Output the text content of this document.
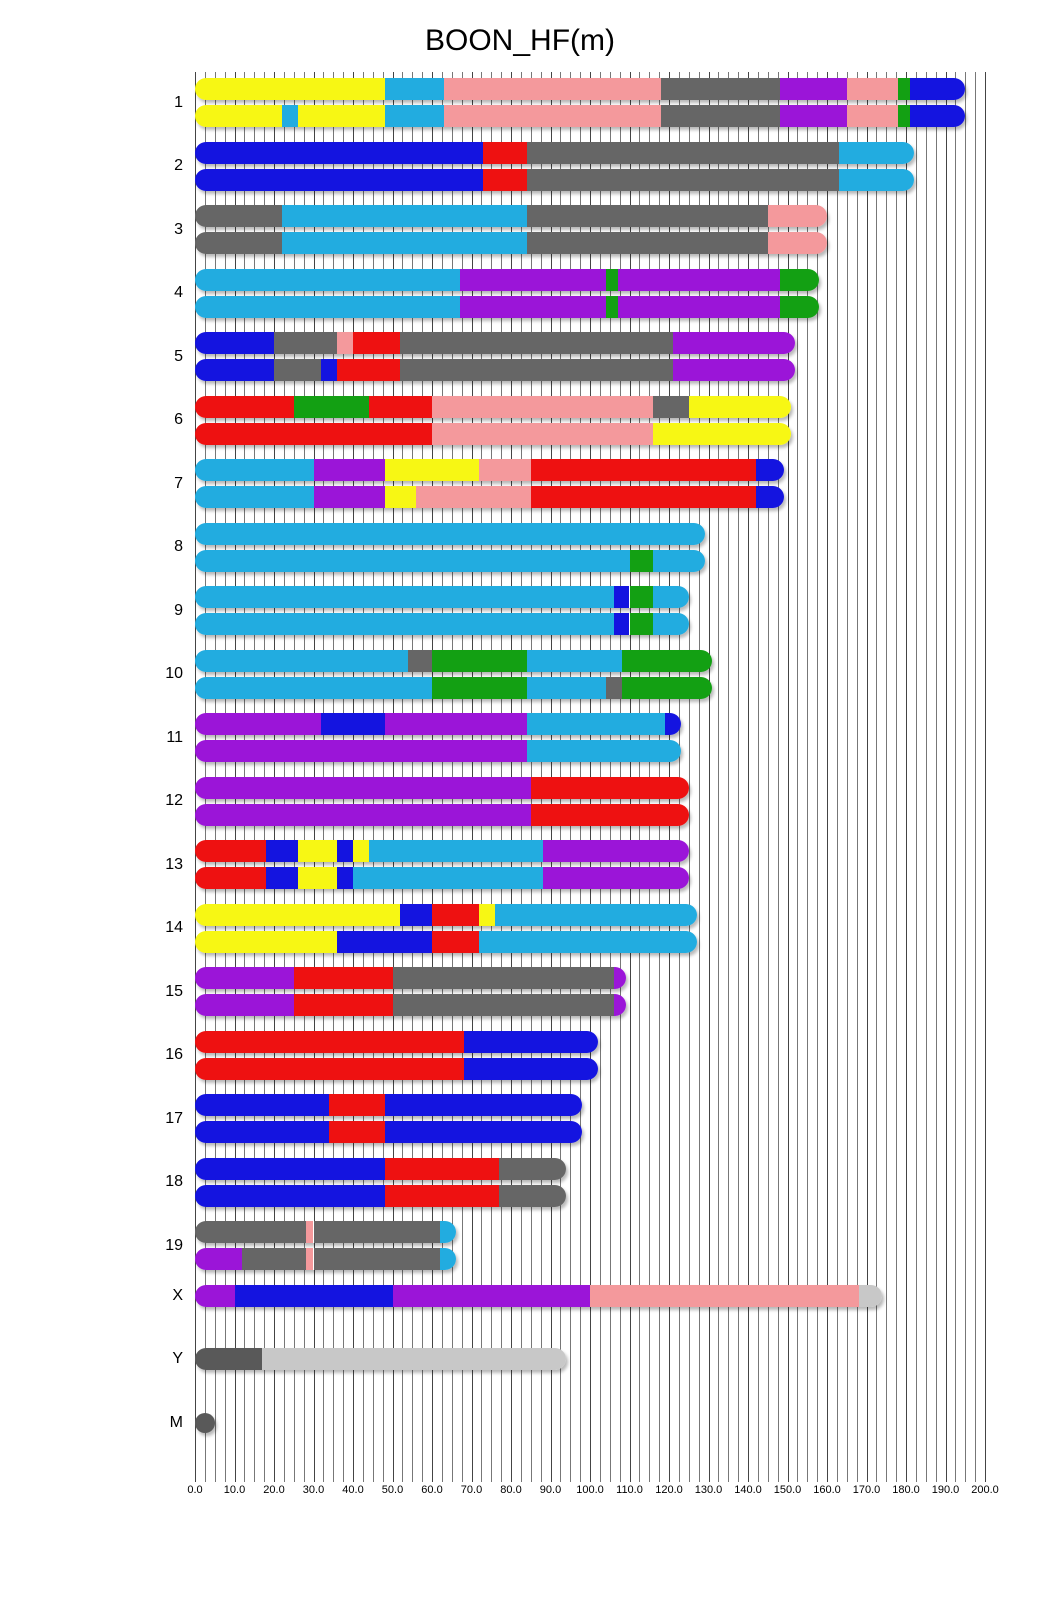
BOON_HF(m)
0.0 10.0 20.0 30.0 40.0 50.0 60.0 70.0 80.0 90.0 100.0 110.0 120.0 130.0 140.0 150.0 160.0 170.0 180.0 190.0 200.0
1
2
3
4
5
6
7
8
9
10
11
12
13
14
15
16
17
18
19
X
Y
M
